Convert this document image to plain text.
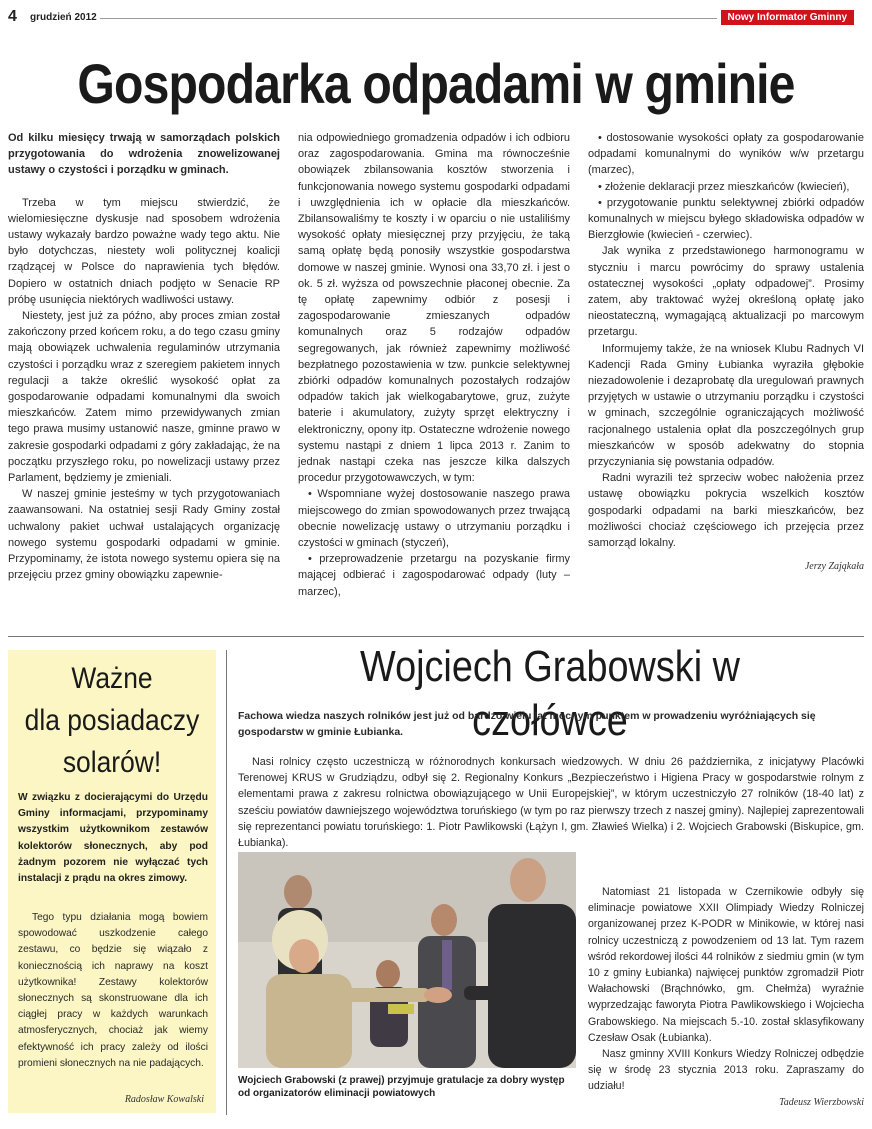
4 grudzień 2012	Nowy Informator Gminny
Gospodarka odpadami w gminie

Od kilku miesięcy trwają w samorządach polskich przygotowania do wdrożenia znowelizowanej ustawy o czystości i porządku w gminach.

Trzeba w tym miejscu stwierdzić, że wielomiesięczne dyskusje nad sposobem wdrożenia ustawy wykazały bardzo poważne wady tego aktu. Nie było dotychczas, niestety woli politycznej koalicji rządzącej w Polsce do naprawienia tych błędów. Dopiero w ostatnich dniach podjęto w Senacie RP próbę usunięcia niektórych wadliwości ustawy.

Niestety, jest już za późno, aby proces zmian został zakończony przed końcem roku, a do tego czasu gminy mają obowiązek uchwalenia regulaminów utrzymania czystości i porządku wraz z szeregiem pakietem innych regulacji a także określić wysokość opłat za gospodarowanie odpadami komunalnymi dla swoich mieszkańców. Zatem mimo przewidywanych zmian tego prawa musimy ustanowić nasze, gminne prawo w zakresie gospodarki odpadami z góry zakładając, że na początku przyszłego roku, po nowelizacji ustawy przez Parlament, będziemy je zmieniali.

W naszej gminie jesteśmy w tych przygotowaniach zaawansowani. Na ostatniej sesji Rady Gminy został uchwalony pakiet uchwał ustalających organizację nowego systemu gospodarki odpadami w gminie. Przypominamy, że istota nowego systemu opiera się na przejęciu przez gminy obowiązku zapewnie-

nia odpowiedniego gromadzenia odpadów i ich odbioru oraz zagospodarowania. Gmina ma równocześnie obowiązek zbilansowania kosztów stworzenia i funkcjonowania nowego systemu gospodarki odpadami i uwzględnienia ich w opłacie dla mieszkańców. Zbilansowaliśmy te koszty i w oparciu o nie ustaliliśmy wysokość opłaty miesięcznej przy przyjęciu, że taką samą opłatę będą ponosiły wszystkie gospodarstwa domowe w naszej gminie. Wynosi ona 33,70 zł. i jest o ok. 5 zł. wyższa od powszechnie płaconej obecnie. Za tę opłatę zapewnimy odbiór z posesji i zagospodarowanie zmieszanych odpadów komunalnych oraz 5 rodzajów odpadów segregowanych, jak również zapewnimy możliwość bezpłatnego pozostawienia w tzw. punkcie selektywnej zbiórki odpadów komunalnych pozostałych rodzajów odpadów takich jak wielkogabarytowe, gruz, zużyte baterie i akumulatory, zużyty sprzęt elektryczny i elektroniczny, opony itp. Ostateczne wdrożenie nowego systemu nastąpi z dniem 1 lipca 2013 r. Zanim to jednak nastąpi czeka nas jeszcze kilka dalszych procedur przygotowawczych, w tym:

• Wspomniane wyżej dostosowanie naszego prawa miejscowego do zmian spowodowanych przez trwającą obecnie nowelizację ustawy o utrzymaniu porządku i czystości w gminach (styczeń),

• przeprowadzenie przetargu na pozyskanie firmy mającej odbierać i zagospodarować odpady (luty – marzec),

• dostosowanie wysokości opłaty za gospodarowanie odpadami komunalnymi do wyników w/w przetargu (marzec),

• złożenie deklaracji przez mieszkańców (kwiecień),

• przygotowanie punktu selektywnej zbiórki odpadów komunalnych w miejscu byłego składowiska odpadów w Bierzgłowie (kwiecień - czerwiec).

Jak wynika z przedstawionego harmonogramu w styczniu i marcu powrócimy do sprawy ustalenia ostatecznej wysokości „opłaty odpadowej”. Prosimy zatem, aby traktować wyżej określoną opłatę jako nieostateczną, wymagającą aktualizacji po marcowym przetargu.

Informujemy także, że na wniosek Klubu Radnych VI Kadencji Rada Gminy Łubianka wyraziła głębokie niezadowolenie i dezaprobatę dla uregulowań prawnych przyjętych w ustawie o utrzymaniu porządku i czystości w gminach, szczególnie ograniczających możliwość racjonalnego ustalenia opłat dla poszczególnych grup mieszkańców w sposób adekwatny do stopnia przyczyniania się powstania odpadów.

Radni wyrazili też sprzeciw wobec nałożenia przez ustawę obowiązku pokrycia wszelkich kosztów gospodarki odpadami na barki mieszkańców, bez możliwości chociaż częściowego ich przejęcia przez samorząd lokalny.

Jerzy Zająkała
Ważne
dla posiadaczy
solarów!
W związku z docierającymi do Urzędu Gminy informacjami, przypominamy wszystkim użytkownikom zestawów kolektorów słonecznych, aby pod żadnym pozorem nie wyłączać tych instalacji z prądu na okres zimowy.

Tego typu działania mogą bowiem spowodować uszkodzenie całego zestawu, co będzie się wiązało z koniecznością ich naprawy na koszt użytkownika! Zestawy kolektorów słonecznych są skonstruowane dla ich ciągłej pracy w każdych warunkach atmosferycznych, chociaż jak wiemy efektywność ich pracy zależy od ilości promieni słonecznych na nie padających.

Radosław Kowalski
Wojciech Grabowski w czołówce
Fachowa wiedza naszych rolników jest już od bardzo wielu lat mocnym punktem w prowadzeniu wyróżniających się gospodarstw w gminie Łubianka.

Nasi rolnicy często uczestniczą w różnorodnych konkursach wiedzowych. W dniu 26 października, z inicjatywy Placówki Terenowej KRUS w Grudziądzu, odbył się 2. Regionalny Konkurs „Bezpieczeństwo i Higiena Pracy w gospodarstwie rolnym z elementami prawa z zakresu rolnictwa obowiązującego w Unii Europejskiej”, w którym uczestniczyło 27 rolników (18-40 lat) z sześciu powiatów dawniejszego województwa toruńskiego (w tym po raz pierwszy trzech z naszej gminy). Najlepiej zaprezentowali się reprezentanci powiatu toruńskiego: 1. Piotr Pawlikowski (Łążyn I, gm. Zławieś Wielka) i 2. Wojciech Grabowski (Biskupice, gm. Łubianka).

Natomiast 21 listopada w Czernikowie odbyły się eliminacje powiatowe XXII Olimpiady Wiedzy Rolniczej organizowanej przez K-PODR w Minikowie, w której nasi rolnicy uczestniczą z powodzeniem od 13 lat. Tym razem wśród rekordowej ilości 44 rolników z siedmiu gmin (w tym 10 z gminy Łubianka) najwięcej punktów zgromadził Piotr Wałachowski (Brąchnówko, gm. Chełmża) wyraźnie wyprzedzając faworyta Piotra Pawlikowskiego i Wojciecha Grabowskiego. Na miejscach 5.-10. został sklasyfikowany Czesław Osak (Łubianka).

Nasz gminny XVIII Konkurs Wiedzy Rolniczej odbędzie się w środę 23 stycznia 2013 roku. Zapraszamy do udziału!

Tadeusz Wierzbowski
Wojciech Grabowski (z prawej) przyjmuje gratulacje za dobry występ od organizatorów eliminacji powiatowych
